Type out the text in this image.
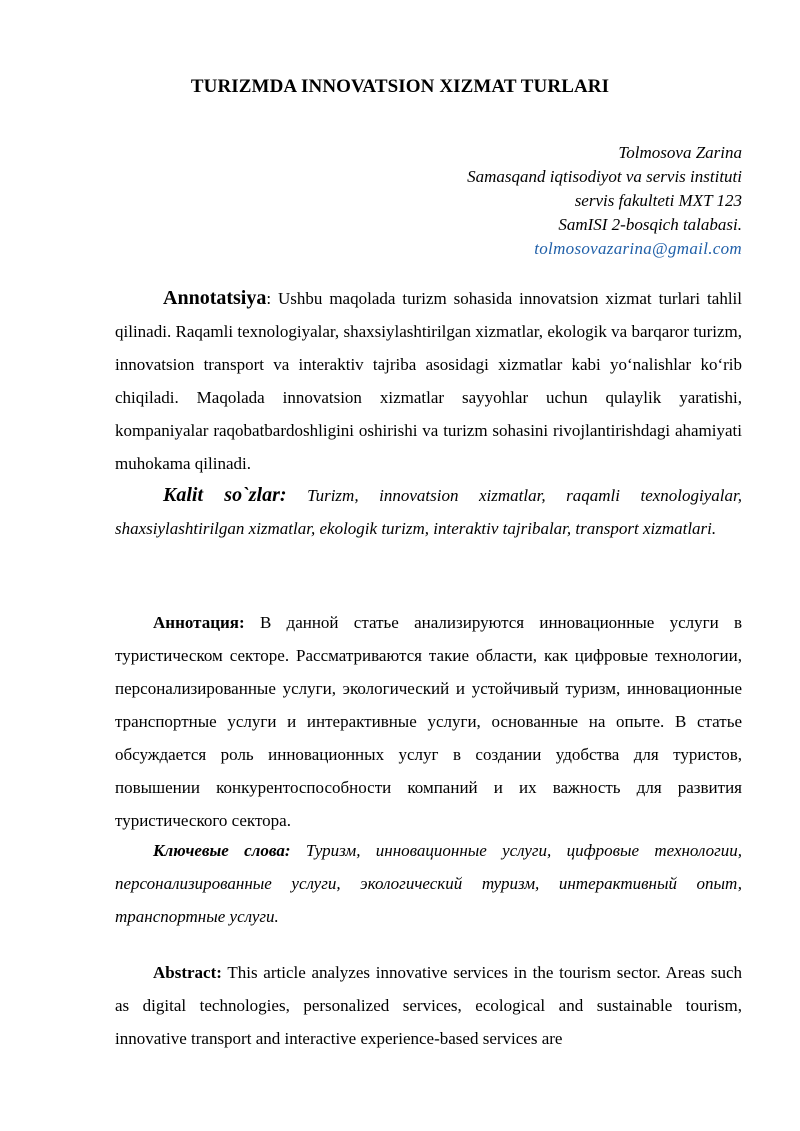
TURIZMDA INNOVATSION XIZMAT TURLARI
Tolmosova Zarina
Samasqand iqtisodiyot va servis instituti
servis fakulteti MXT 123
SamISI 2-bosqich talabasi.
tolmosovazarina@gmail.com
Annotatsiya: Ushbu maqolada turizm sohasida innovatsion xizmat turlari tahlil qilinadi. Raqamli texnologiyalar, shaxsiylashtirilgan xizmatlar, ekologik va barqaror turizm, innovatsion transport va interaktiv tajriba asosidagi xizmatlar kabi yo‘nalishlar ko‘rib chiqiladi. Maqolada innovatsion xizmatlar sayyohlar uchun qulaylik yaratishi, kompaniyalar raqobatbardoshligini oshirishi va turizm sohasini rivojlantirishdagi ahamiyati muhokama qilinadi.
Kalit so`zlar: Turizm, innovatsion xizmatlar, raqamli texnologiyalar, shaxsiylashtirilgan xizmatlar, ekologik turizm, interaktiv tajribalar, transport xizmatlari.
Аннотация: В данной статье анализируются инновационные услуги в туристическом секторе. Рассматриваются такие области, как цифровые технологии, персонализированные услуги, экологический и устойчивый туризм, инновационные транспортные услуги и интерактивные услуги, основанные на опыте. В статье обсуждается роль инновационных услуг в создании удобства для туристов, повышении конкурентоспособности компаний и их важность для развития туристического сектора.
Ключевые слова: Туризм, инновационные услуги, цифровые технологии, персонализированные услуги, экологический туризм, интерактивный опыт, транспортные услуги.
Abstract: This article analyzes innovative services in the tourism sector. Areas such as digital technologies, personalized services, ecological and sustainable tourism, innovative transport and interactive experience-based services are
